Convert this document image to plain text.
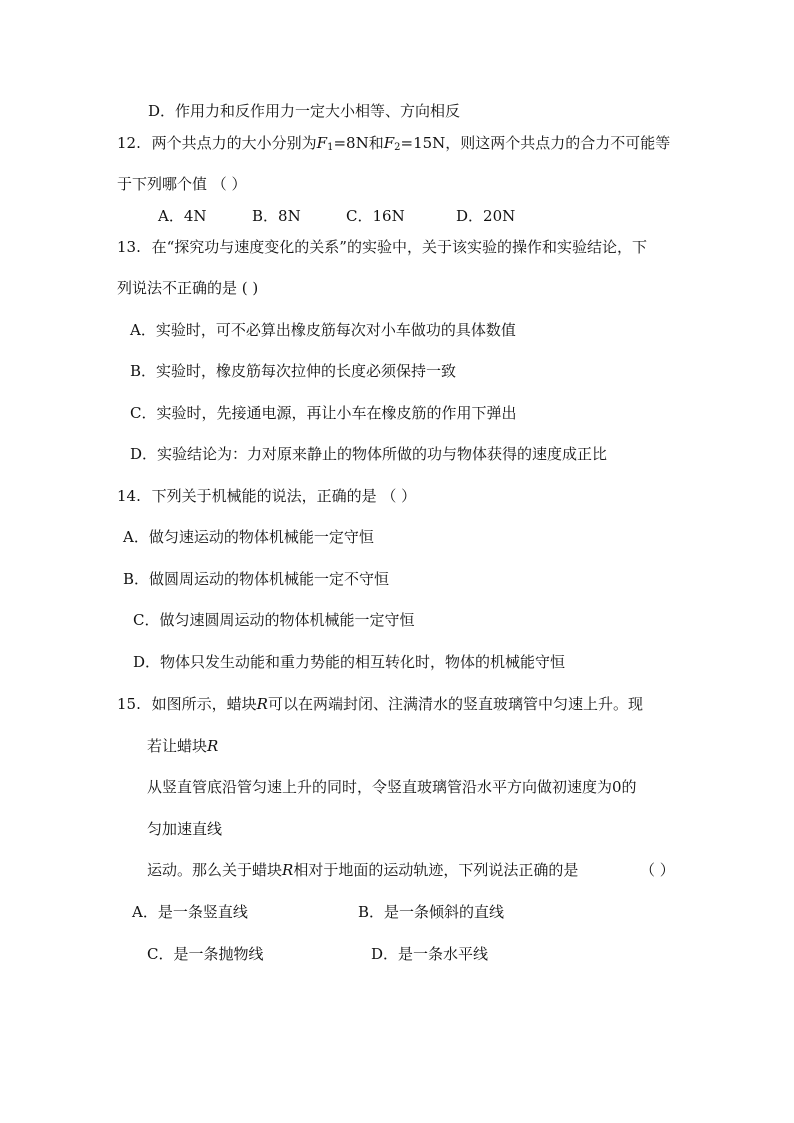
D．作用力和反作用力一定大小相等、方向相反
12. 两个共点力的大小分别为$F_1=8N$和$F_2=15N$，则这两个共点力的合力不可能等
于下列哪个值 （ ）
A．4N	B．8N	C．16N	D．20N
13. 在“探究功与速度变化的关系”的实验中，关于该实验的操作和实验结论，下
列说法不正确的是 ( )
A．实验时，可不必算出橡皮筋每次对小车做功的具体数值
B．实验时，橡皮筋每次拉伸的长度必须保持一致
C．实验时，先接通电源，再让小车在橡皮筋的作用下弹出
D．实验结论为：力对原来静止的物体所做的功与物体获得的速度成正比
14. 下列关于机械能的说法，正确的是 （ ）
A．做匀速运动的物体机械能一定守恒
B．做圆周运动的物体机械能一定不守恒
C．做匀速圆周运动的物体机械能一定守恒
D．物体只发生动能和重力势能的相互转化时，物体的机械能守恒
15. 如图所示，蜡块R可以在两端封闭、注满清水的竖直玻璃管中匀速上升。现
若让蜡块R
从竖直管底沿管匀速上升的同时，令竖直玻璃管沿水平方向做初速度为0的
匀加速直线
运动。那么关于蜡块R相对于地面的运动轨迹，下列说法正确的是	（ ）
A．是一条竖直线	B．是一条倾斜的直线
C．是一条抛物线	D．是一条水平线
